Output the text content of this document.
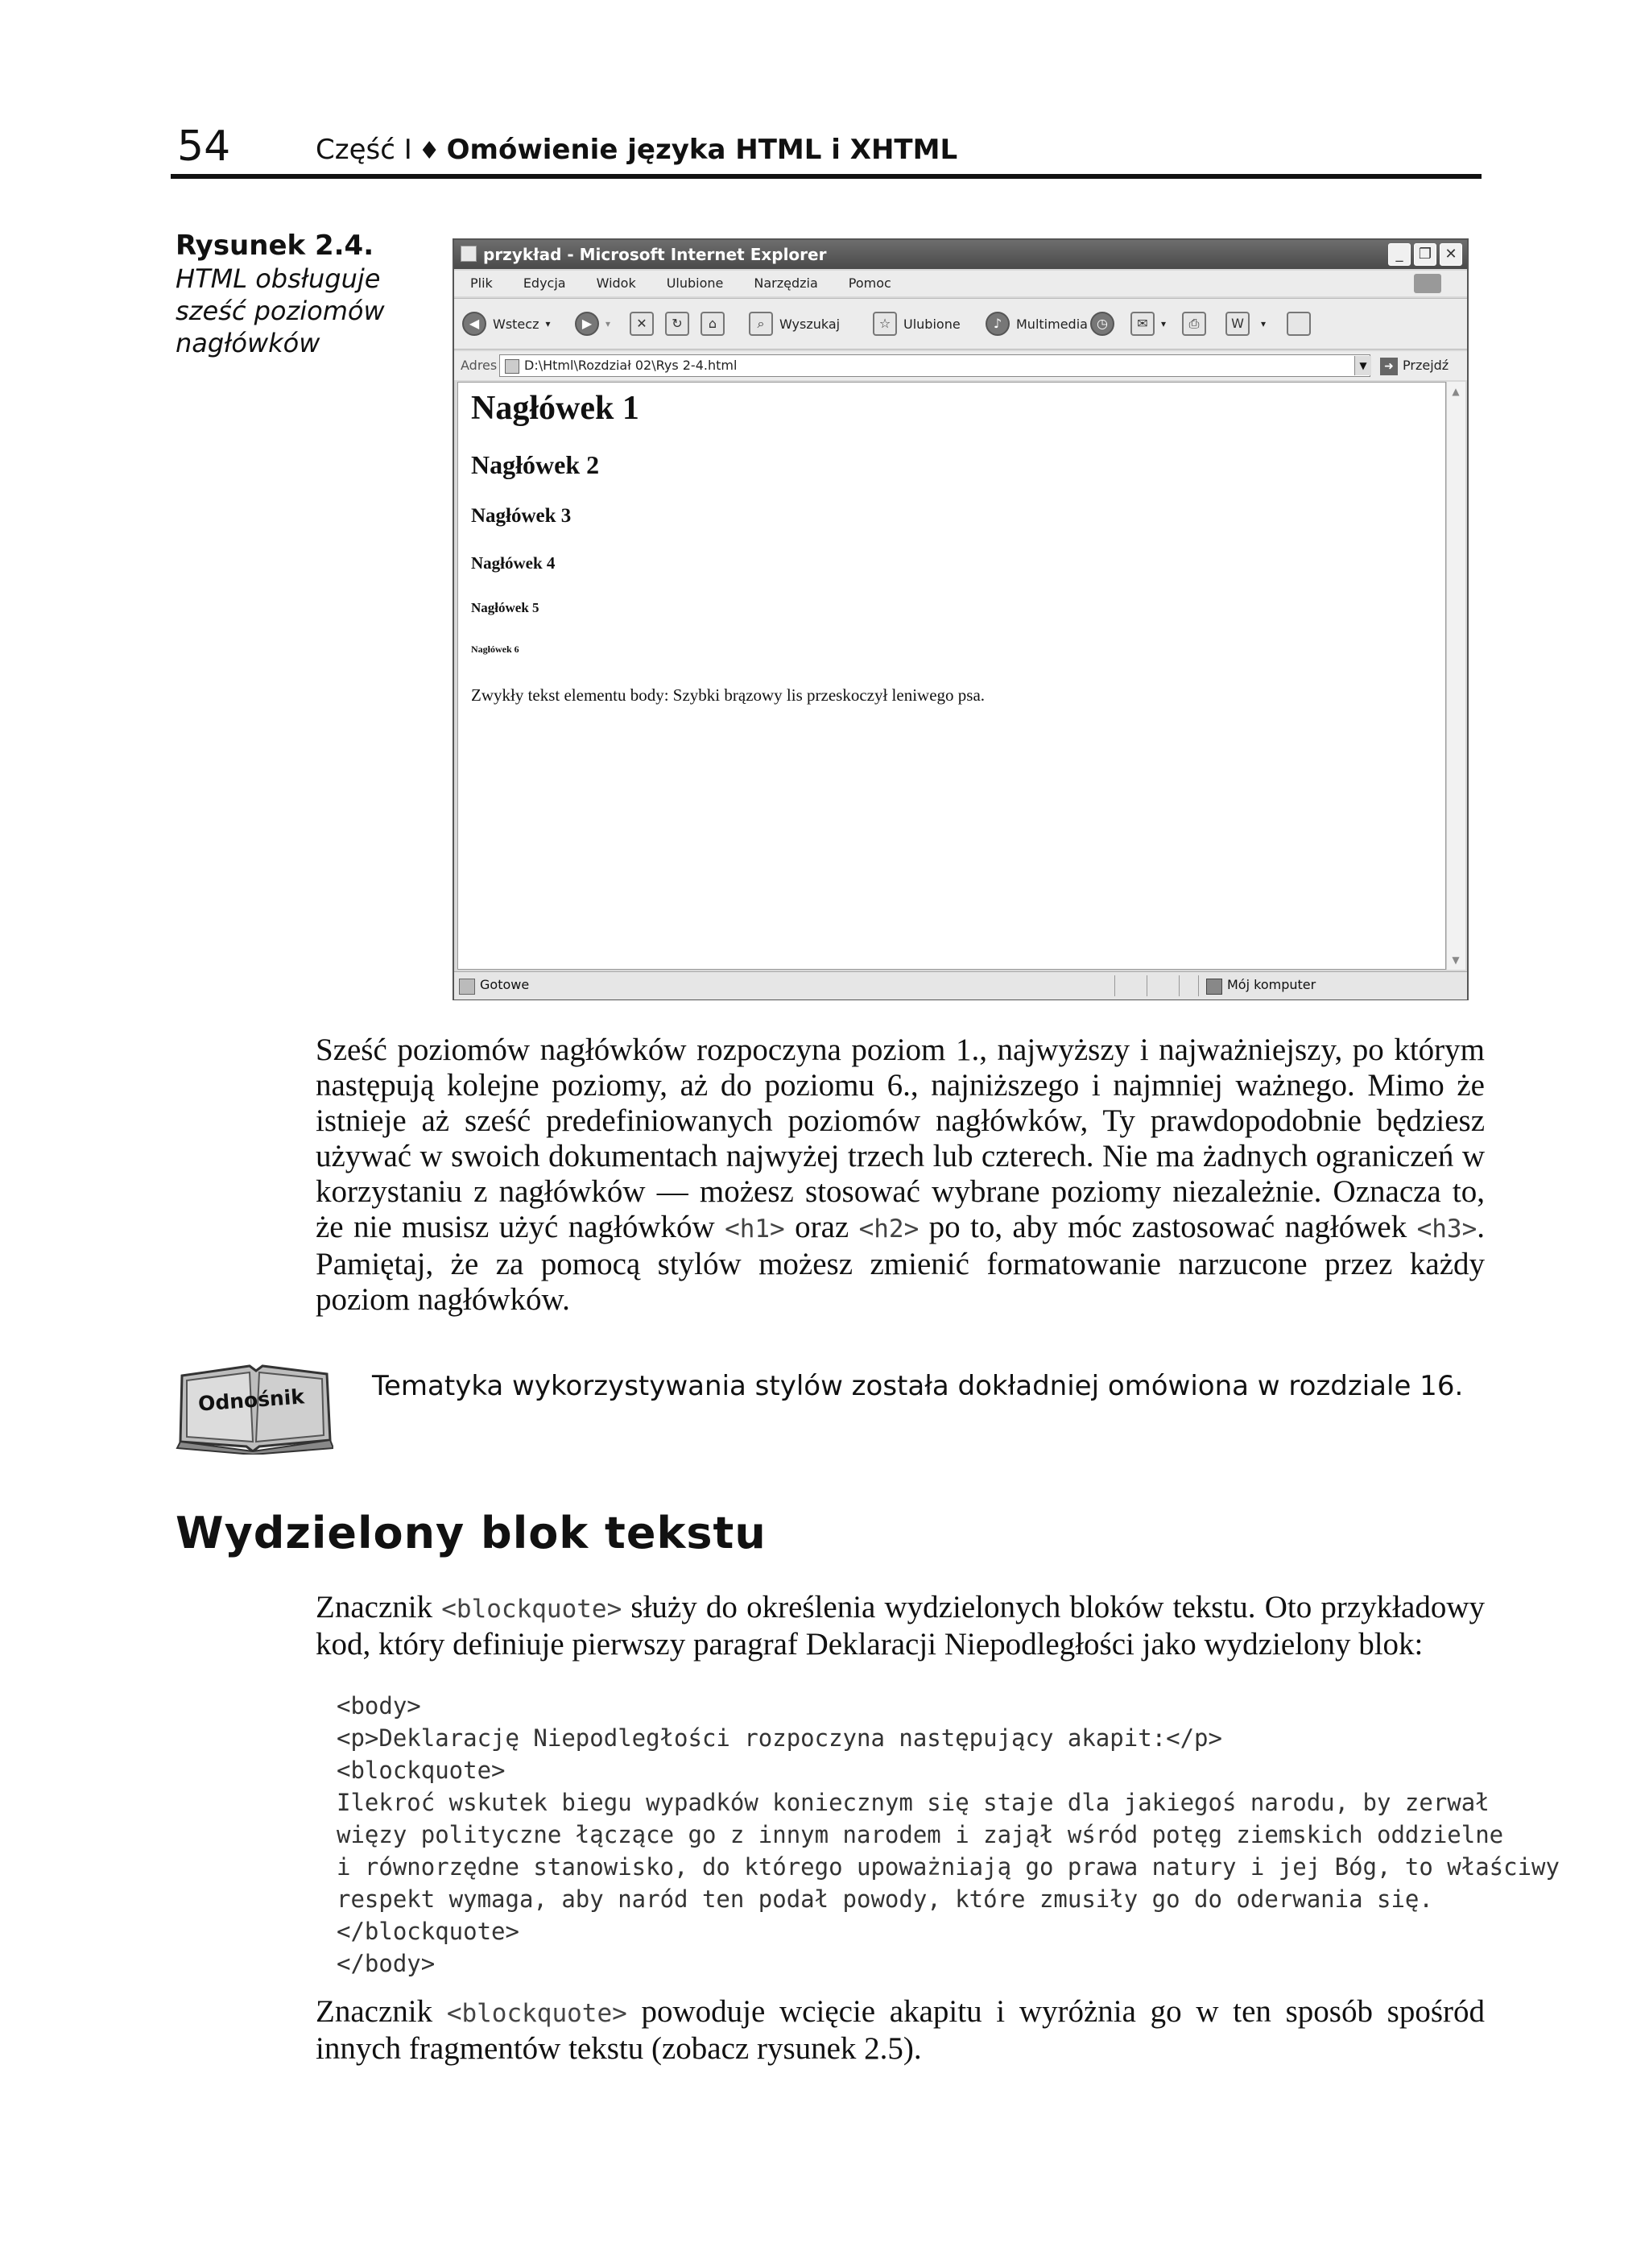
54	Część I ♦ Omówienie języka HTML i XHTML
Rysunek 2.4.
HTML obsługuje sześć poziomów nagłówków
przykład - Microsoft Internet Explorer	_	❐ ✕
Plik Edycja Widok Ulubione Narzędzia Pomoc
◀	Wstecz ▾	▶	▾	✕	↻	⌂	⌕	Wyszukaj	☆ Ulubione	♪	Multimedia ◷	✉	▾	⎙	W	▾
Adres	D:\Html\Rozdział 02\Rys 2-4.html	▼	➜ Przejdź
Nagłówek 1
Nagłówek 2
Nagłówek 3
Nagłówek 4
Nagłówek 5
Nagłówek 6
Zwykły tekst elementu body: Szybki brązowy lis przeskoczył leniwego psa.
▲
▼
Gotowe	Mój komputer
Sześć poziomów nagłówków rozpoczyna poziom 1., najwyższy i najważniejszy, po którym następują kolejne poziomy, aż do poziomu 6., najniższego i najmniej ważnego. Mimo że istnieje aż sześć predefiniowanych poziomów nagłówków, Ty prawdopodobnie będziesz używać w swoich dokumentach najwyżej trzech lub czterech. Nie ma żadnych ograniczeń w korzystaniu z nagłówków — możesz stosować wybrane poziomy niezależnie. Oznacza to, że nie musisz użyć nagłówków <h1> oraz <h2> po to, aby móc zastosować nagłówek <h3>. Pamiętaj, że za pomocą stylów możesz zmienić formatowanie narzucone przez każdy poziom nagłówków.
Odnośnik Tematyka wykorzystywania stylów została dokładniej omówiona w rozdziale 16.
Wydzielony blok tekstu
Znacznik <blockquote> służy do określenia wydzielonych bloków tekstu. Oto przykładowy kod, który definiuje pierwszy paragraf Deklaracji Niepodległości jako wydzielony blok:
<body>
<p>Deklarację Niepodległości rozpoczyna następujący akapit:</p>
<blockquote>
Ilekroć wskutek biegu wypadków koniecznym się staje dla jakiegoś narodu, by zerwał
więzy polityczne łączące go z innym narodem i zajął wśród potęg ziemskich oddzielne
i równorzędne stanowisko, do którego upoważniają go prawa natury i jej Bóg, to właściwy
respekt wymaga, aby naród ten podał powody, które zmusiły go do oderwania się.
</blockquote>
</body>
Znacznik <blockquote> powoduje wcięcie akapitu i wyróżnia go w ten sposób spośród innych fragmentów tekstu (zobacz rysunek 2.5).
